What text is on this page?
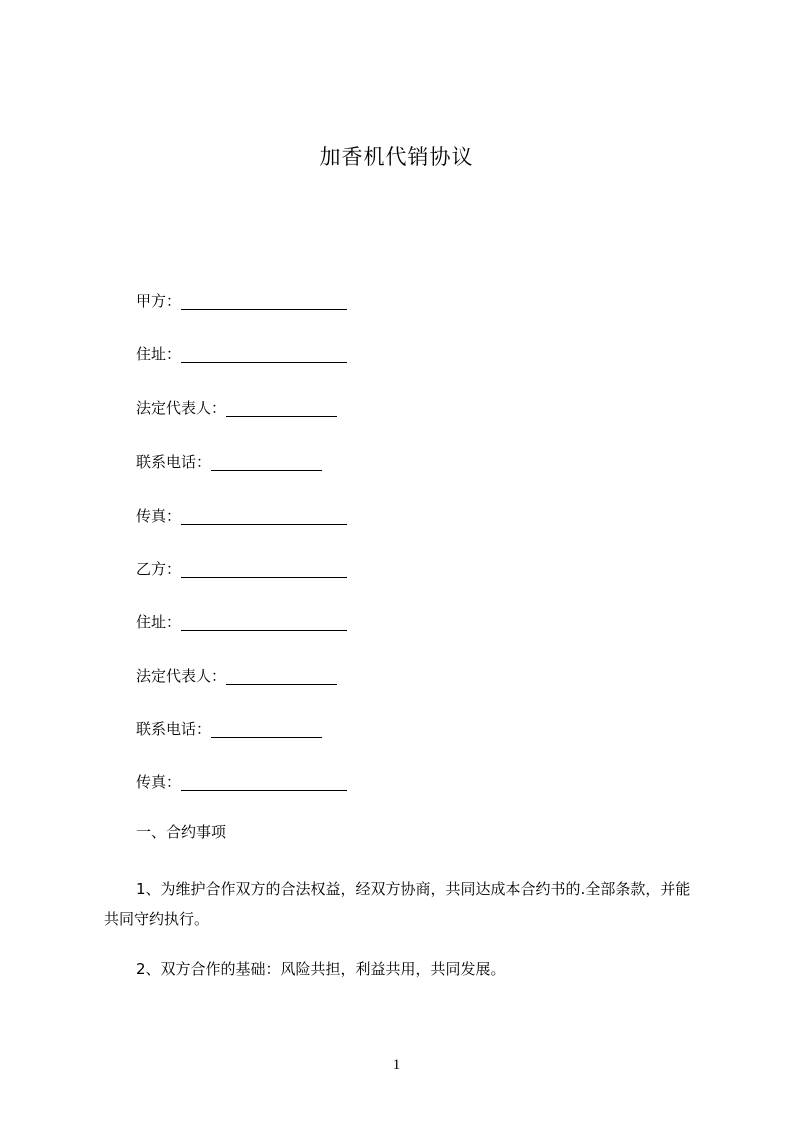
加香机代销协议
甲方：
住址：
法定代表人：
联系电话：
传真：
乙方：
住址：
法定代表人：
联系电话：
传真：
一、合约事项
1、为维护合作双方的合法权益，经双方协商，共同达成本合约书的.全部条款，并能共同守约执行。
2、双方合作的基础：风险共担，利益共用，共同发展。
1
